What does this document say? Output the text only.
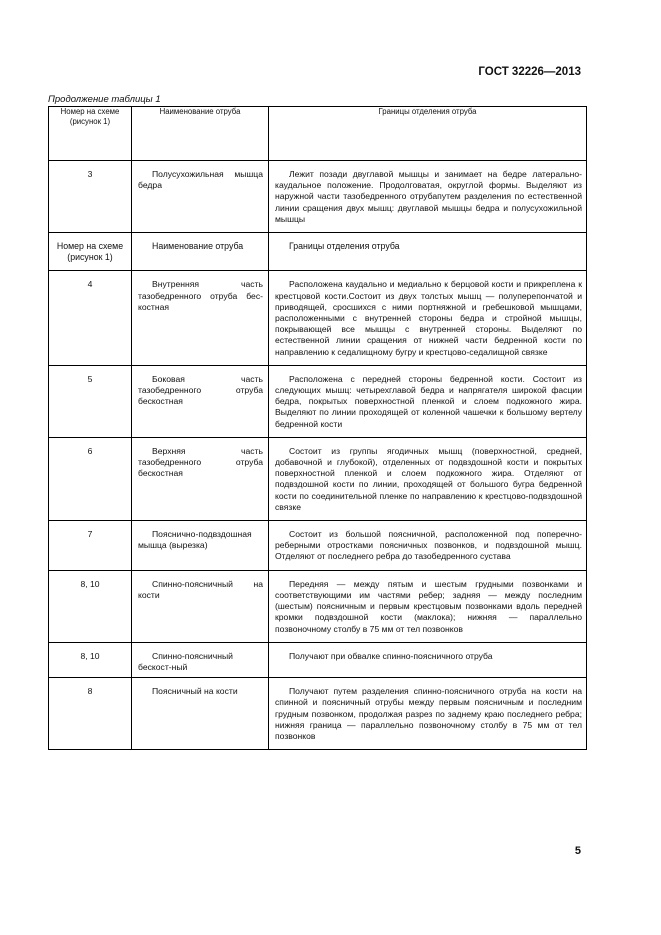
ГОСТ 32226—2013
Продолжение таблицы 1
Номер на схеме (рисунок 1)	Наименование отруба	Границы отделения отруба

3	Полусухожильная мышца бедра	Лежит позади двуглавой мышцы и занимает на бедре латерально-каудальное положение. Продолговатая, округлой формы. Выделяют из наружной части тазобедренного отрубапутем разделения по естественной линии сращения двух мышц: двуглавой мышцы бедра и полусухожильной мышцы

Номер на схеме (рисунок 1)	Наименование отруба	Границы отделения отруба

4	Внутренняя часть тазобедренного отруба бес-костная	Расположена каудально и медиально к берцовой кости и прикреплена к крестцовой кости.Состоит из двух толстых мышц — полуперепончатой и приводящей, сросшихся с ними портняжной и гребешковой мышцами, расположенными с внутренней стороны бедра и стройной мышцы, покрывающей все мышцы с внутренней стороны. Выделяют по естественной линии сращения от нижней части бедренной кости по направлению к седалищному бугру и крестцово-седалищной связке

5	Боковая часть тазобедренного отруба бескостная	Расположена с передней стороны бедренной кости. Состоит из следующих мышц: четырехглавой бедра и напрягателя широкой фасции бедра, покрытых поверхностной пленкой и слоем подкожного жира. Выделяют по линии проходящей от коленной чашечки к большому вертелу бедренной кости

6	Верхняя часть тазобедренного отруба бескостная	Состоит из группы ягодичных мышц (поверхностной, средней, добавочной и глубокой), отделенных от подвздошной кости и покрытых поверхностной пленкой и слоем подкожного жира. Отделяют от подвздошной кости по линии, проходящей от большого бугра бедренной кости по соединительной пленке по направлению к крестцово-подвздошной связке

7	Пояснично-подвздошная мышца (вырезка)	Состоит из большой поясничной, расположенной под поперечно-реберными отростками поясничных позвонков, и подвздошной мышц. Отделяют от последнего ребра до тазобедренного сустава

8, 10	Спинно-поясничный на кости	Передняя — между пятым и шестым грудными позвонками и соответствующими им частями ребер; задняя — между последним (шестым) поясничным и первым крестцовым позвонками вдоль передней кромки подвздошной кости (маклока); нижняя — параллельно позвоночному столбу в 75 мм от тел позвонков

8, 10	Спинно-поясничный бескост-ный	Получают при обвалке спинно-поясничного отруба

8	Поясничный на кости	Получают путем разделения спинно-поясничного отруба на кости на спинной и поясничный отрубы между первым поясничным и последним грудным позвонком, продолжая разрез по заднему краю последнего ребра; нижняя граница — параллельно позвоночному столбу в 75 мм от тел позвонков
5
